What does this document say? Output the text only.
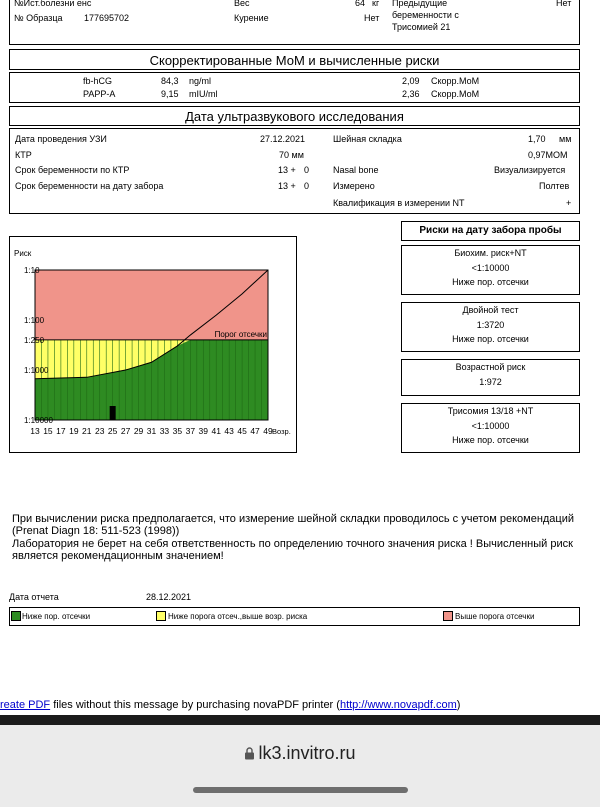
№Ист.болезни енс
№ Образца 177695702
Вес	64 кг
Курение	Нет
Предыдущие
беременности с
Трисомией 21
Нет
Скорректированные МоМ и вычисленные риски
fb-hCG	84,3 ng/ml	2,09 Скорр.МоМ
PAPP-A	9,15 mIU/ml	2,36 Скорр.МоМ
Дата ультразвукового исследования
Дата проведения УЗИ	27.12.2021
КТР	70 мм
Срок беременности по КТР	13 + 0
Срок беременности на дату забора	13 + 0
Шейная складка	1,70 мм
0,97МОМ
Nasal bone	Визуализируется
Измерено	Полтев
Квалификация в измерении NT	+
Риск
1:10
1:100
1:250
1:1000
1:10000
13 15 17 19 21 23 25 27 29 31 33 35 37 39 41 43 45 47 49 Возр.
Порог отсечки
Риски на дату забора пробы
Биохим. риск+NT
<1:10000
Ниже пор. отсечки
Двойной тест
1:3720
Ниже пор. отсечки
Возрастной риск
1:972
Трисомия 13/18 +NT
<1:10000
Ниже пор. отсечки
При вычислении риска предполагается, что измерение шейной складки проводилось с учетом рекомендаций
(Prenat Diagn 18: 511-523 (1998))
Лаборатория не берет на себя ответственность по определению точного значения риска ! Вычисленный риск
является рекомендационным значением!
Дата отчета	28.12.2021
Ниже пор. отсечки	Ниже порога отсеч.,выше возр. риска	Выше порога отсечки
reate PDF files without this message by purchasing novaPDF printer (http://www.novapdf.com)
lk3.invitro.ru
